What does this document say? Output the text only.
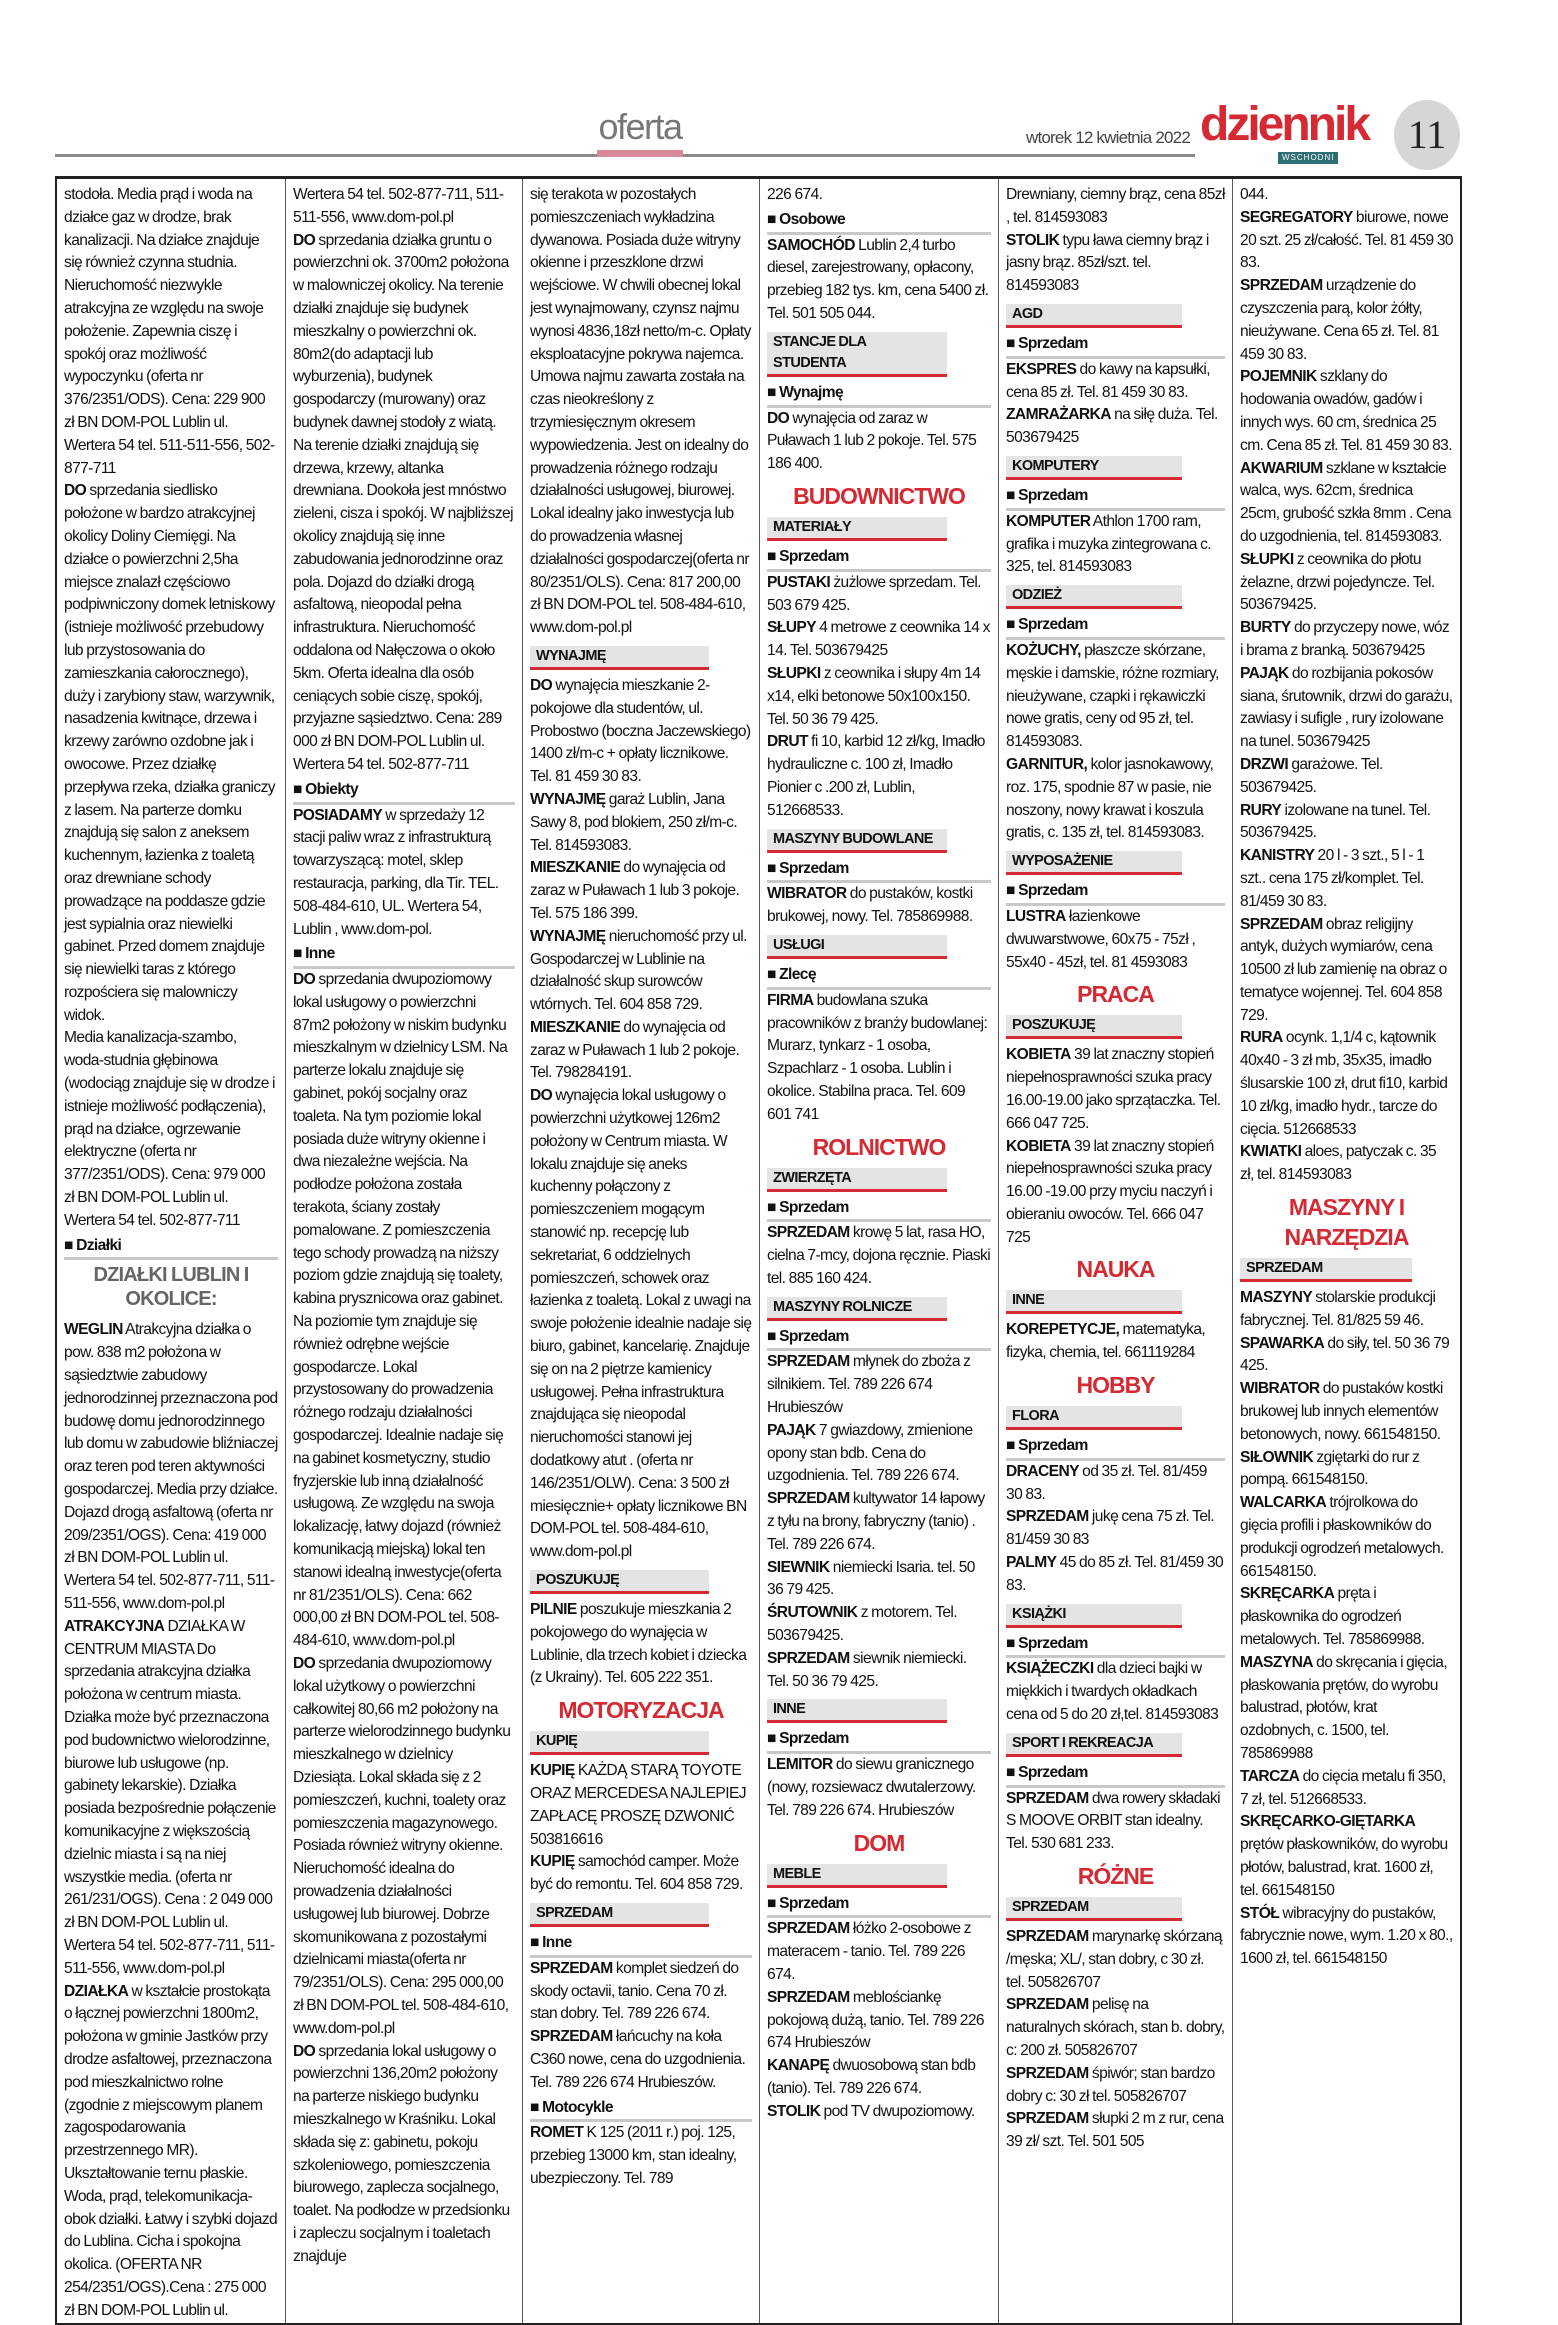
oferta	wtorek 12 kwietnia 2022 dziennik
WSCHODNI
11
stodoła. Media prąd i woda na działce gaz w drodze, brak kanalizacji. Na działce znajduje się również czynna studnia. Nieruchomość niezwykle atrakcyjna ze względu na swoje położenie. Zapewnia ciszę i spokój oraz możliwość wypoczynku (oferta nr 376/2351/ODS). Cena: 229 900 zł BN DOM-POL Lublin ul. Wertera 54 tel. 511-511-556, 502-877-711
DO sprzedania siedlisko położone w bardzo atrakcyjnej okolicy Doliny Ciemięgi. Na działce o powierzchni 2,5ha miejsce znalazł częściowo podpiwniczony domek letniskowy (istnieje możliwość przebudowy lub przystosowania do zamieszkania całorocznego), duży i zarybiony staw, warzywnik, nasadzenia kwitnące, drzewa i krzewy zarówno ozdobne jak i owocowe. Przez działkę przepływa rzeka, działka graniczy z lasem. Na parterze domku znajdują się salon z aneksem kuchennym, łazienka z toaletą oraz drewniane schody prowadzące na poddasze gdzie jest sypialnia oraz niewielki gabinet. Przed domem znajduje się niewielki taras z którego rozpościera się malowniczy widok.
Media kanalizacja-szambo, woda-studnia głębinowa (wodociąg znajduje się w drodze i istnieje możliwość podłączenia), prąd na działce, ogrzewanie elektryczne (oferta nr 377/2351/ODS). Cena: 979 000 zł BN DOM-POL Lublin ul. Wertera 54 tel. 502-877-711
■ Działki
DZIAŁKI LUBLIN I OKOLICE:
WEGLIN Atrakcyjna działka o pow. 838 m2 położona w sąsiedztwie zabudowy jednorodzinnej przeznaczona pod budowę domu jednorodzinnego lub domu w zabudowie bliźniaczej oraz teren pod teren aktywności gospodarczej. Media przy działce. Dojazd drogą asfaltową (oferta nr 209/2351/OGS). Cena: 419 000 zł BN DOM-POL Lublin ul. Wertera 54 tel. 502-877-711, 511-511-556, www.dom-pol.pl
ATRAKCYJNA DZIAŁKA W CENTRUM MIASTA Do sprzedania atrakcyjna działka położona w centrum miasta. Działka może być przeznaczona pod budownictwo wielorodzinne, biurowe lub usługowe (np. gabinety lekarskie). Działka posiada bezpośrednie połączenie komunikacyjne z większością dzielnic miasta i są na niej wszystkie media. (oferta nr 261/231/OGS). Cena : 2 049 000 zł BN DOM-POL Lublin ul. Wertera 54 tel. 502-877-711, 511-511-556, www.dom-pol.pl
DZIAŁKA w kształcie prostokąta o łącznej powierzchni 1800m2, położona w gminie Jastków przy drodze asfaltowej, przeznaczona pod mieszkalnictwo rolne (zgodnie z miejscowym planem zagospodarowania przestrzennego MR). Ukształtowanie ternu płaskie. Woda, prąd, telekomunikacja-obok działki. Łatwy i szybki dojazd do Lublina. Cicha i spokojna okolica. (OFERTA NR 254/2351/OGS).Cena : 275 000 zł BN DOM-POL Lublin ul.
Wertera 54 tel. 502-877-711, 511-511-556, www.dom-pol.pl
DO sprzedania działka gruntu o powierzchni ok. 3700m2 położona w malowniczej okolicy. Na terenie działki znajduje się budynek mieszkalny o powierzchni ok. 80m2(do adaptacji lub wyburzenia), budynek gospodarczy (murowany) oraz budynek dawnej stodoły z wiatą. Na terenie działki znajdują się drzewa, krzewy, altanka drewniana. Dookoła jest mnóstwo zieleni, cisza i spokój. W najbliższej okolicy znajdują się inne zabudowania jednorodzinne oraz pola. Dojazd do działki drogą asfaltową, nieopodal pełna infrastruktura. Nieruchomość oddalona od Nałęczowa o około 5km. Oferta idealna dla osób ceniących sobie ciszę, spokój, przyjazne sąsiedztwo. Cena: 289 000 zł BN DOM-POL Lublin ul. Wertera 54 tel. 502-877-711
■ Obiekty
POSIADAMY w sprzedaży 12 stacji paliw wraz z infrastrukturą towarzyszącą: motel, sklep restauracja, parking, dla Tir. TEL. 508-484-610, UL. Wertera 54, Lublin , www.dom-pol.
■ Inne
DO sprzedania dwupoziomowy lokal usługowy o powierzchni 87m2 położony w niskim budynku mieszkalnym w dzielnicy LSM. Na parterze lokalu znajduje się gabinet, pokój socjalny oraz toaleta. Na tym poziomie lokal posiada duże witryny okienne i dwa niezależne wejścia. Na podłodze położona została terakota, ściany zostały pomalowane. Z pomieszczenia tego schody prowadzą na niższy poziom gdzie znajdują się toalety, kabina prysznicowa oraz gabinet. Na poziomie tym znajduje się również odrębne wejście gospodarcze. Lokal przystosowany do prowadzenia różnego rodzaju działalności gospodarczej. Idealnie nadaje się na gabinet kosmetyczny, studio fryzjerskie lub inną działalność usługową. Ze względu na swoja lokalizację, łatwy dojazd (również komunikacją miejską) lokal ten stanowi idealną inwestycje(oferta nr 81/2351/OLS). Cena: 662 000,00 zł BN DOM-POL tel. 508-484-610, www.dom-pol.pl
DO sprzedania dwupoziomowy lokal użytkowy o powierzchni całkowitej 80,66 m2 położony na parterze wielorodzinnego budynku mieszkalnego w dzielnicy Dziesiąta. Lokal składa się z 2 pomieszczeń, kuchni, toalety oraz pomieszczenia magazynowego. Posiada również witryny okienne. Nieruchomość idealna do prowadzenia działalności usługowej lub biurowej. Dobrze skomunikowana z pozostałymi dzielnicami miasta(oferta nr 79/2351/OLS). Cena: 295 000,00 zł BN DOM-POL tel. 508-484-610, www.dom-pol.pl
DO sprzedania lokal usługowy o powierzchni 136,20m2 położony na parterze niskiego budynku mieszkalnego w Kraśniku. Lokal składa się z: gabinetu, pokoju szkoleniowego, pomieszczenia biurowego, zaplecza socjalnego, toalet. Na podłodze w przedsionku i zapleczu socjalnym i toaletach znajduje
się terakota w pozostałych pomieszczeniach wykładzina dywanowa. Posiada duże witryny okienne i przeszklone drzwi wejściowe. W chwili obecnej lokal jest wynajmowany, czynsz najmu wynosi 4836,18zł netto/m-c. Opłaty eksploatacyjne pokrywa najemca. Umowa najmu zawarta została na czas nieokreślony z trzymiesięcznym okresem wypowiedzenia. Jest on idealny do prowadzenia różnego rodzaju działalności usługowej, biurowej. Lokal idealny jako inwestycja lub do prowadzenia własnej działalności gospodarczej(oferta nr 80/2351/OLS). Cena: 817 200,00 zł BN DOM-POL tel. 508-484-610, www.dom-pol.pl
WYNAJMĘ
DO wynajęcia mieszkanie 2-pokojowe dla studentów, ul. Probostwo (boczna Jaczewskiego) 1400 zł/m-c + opłaty licznikowe. Tel. 81 459 30 83.
WYNAJMĘ garaż Lublin, Jana Sawy 8, pod blokiem, 250 zł/m-c. Tel. 814593083.
MIESZKANIE do wynajęcia od zaraz w Puławach 1 lub 3 pokoje. Tel. 575 186 399.
WYNAJMĘ nieruchomość przy ul. Gospodarczej w Lublinie na działalność skup surowców wtórnych. Tel. 604 858 729.
MIESZKANIE do wynajęcia od zaraz w Puławach 1 lub 2 pokoje. Tel. 798284191.
DO wynajęcia lokal usługowy o powierzchni użytkowej 126m2 położony w Centrum miasta. W lokalu znajduje się aneks kuchenny połączony z pomieszczeniem mogącym stanowić np. recepcję lub sekretariat, 6 oddzielnych pomieszczeń, schowek oraz łazienka z toaletą. Lokal z uwagi na swoje położenie idealnie nadaje się biuro, gabinet, kancelarię. Znajduje się on na 2 piętrze kamienicy usługowej. Pełna infrastruktura znajdująca się nieopodal nieruchomości stanowi jej dodatkowy atut . (oferta nr 146/2351/OLW). Cena: 3 500 zł miesięcznie+ opłaty licznikowe BN DOM-POL tel. 508-484-610, www.dom-pol.pl
POSZUKUJĘ
PILNIE poszukuje mieszkania 2 pokojowego do wynajęcia w Lublinie, dla trzech kobiet i dziecka (z Ukrainy). Tel. 605 222 351.
MOTORYZACJA
KUPIĘ
KUPIĘ KAŻDĄ STARĄ TOYOTE ORAZ MERCEDESA NAJLEPIEJ ZAPŁACĘ PROSZĘ DZWONIĆ 503816616
KUPIĘ samochód camper. Może być do remontu. Tel. 604 858 729.
SPRZEDAM
■ Inne
SPRZEDAM komplet siedzeń do skody octavii, tanio. Cena 70 zł. stan dobry. Tel. 789 226 674.
SPRZEDAM łańcuchy na koła C360 nowe, cena do uzgodnienia. Tel. 789 226 674 Hrubieszów.
■ Motocykle
ROMET K 125 (2011 r.) poj. 125, przebieg 13000 km, stan idealny, ubezpieczony. Tel. 789
226 674.
■ Osobowe
SAMOCHÓD Lublin 2,4 turbo diesel, zarejestrowany, opłacony, przebieg 182 tys. km, cena 5400 zł. Tel. 501 505 044.
STANCJE DLA STUDENTA
■ Wynajmę
DO wynajęcia od zaraz w Puławach 1 lub 2 pokoje. Tel. 575 186 400.
BUDOWNICTWO
MATERIAŁY
■ Sprzedam
PUSTAKI żużlowe sprzedam. Tel. 503 679 425.
SŁUPY 4 metrowe z ceownika 14 x 14. Tel. 503679425
SŁUPKI z ceownika i słupy 4m 14 x14, elki betonowe 50x100x150. Tel. 50 36 79 425.
DRUT fi 10, karbid 12 zł/kg, Imadło hydrauliczne c. 100 zł, Imadło Pionier c .200 zł, Lublin, 512668533.
MASZYNY BUDOWLANE
■ Sprzedam
WIBRATOR do pustaków, kostki brukowej, nowy. Tel. 785869988.
USŁUGI
■ Zlecę
FIRMA budowlana szuka pracowników z branży budowlanej: Murarz, tynkarz - 1 osoba, Szpachlarz - 1 osoba. Lublin i okolice. Stabilna praca. Tel. 609 601 741
ROLNICTWO
ZWIERZĘTA
■ Sprzedam
SPRZEDAM krowę 5 lat, rasa HO, cielna 7-mcy, dojona ręcznie. Piaski tel. 885 160 424.
MASZYNY ROLNICZE
■ Sprzedam
SPRZEDAM młynek do zboża z silnikiem. Tel. 789 226 674 Hrubieszów
PAJĄK 7 gwiazdowy, zmienione opony stan bdb. Cena do uzgodnienia. Tel. 789 226 674.
SPRZEDAM kultywator 14 łapowy z tyłu na brony, fabryczny (tanio) . Tel. 789 226 674.
SIEWNIK niemiecki Isaria. tel. 50 36 79 425.
ŚRUTOWNIK z motorem. Tel. 503679425.
SPRZEDAM siewnik niemiecki. Tel. 50 36 79 425.
INNE
■ Sprzedam
LEMITOR do siewu granicznego (nowy, rozsiewacz dwutalerzowy. Tel. 789 226 674. Hrubieszów
DOM
MEBLE
■ Sprzedam
SPRZEDAM łóżko 2-osobowe z materacem - tanio. Tel. 789 226 674.
SPRZEDAM meblościankę pokojową dużą, tanio. Tel. 789 226 674 Hrubieszów
KANAPĘ dwuosobową stan bdb (tanio). Tel. 789 226 674.
STOLIK pod TV dwupoziomowy.
Drewniany, ciemny brąz, cena 85zł , tel. 814593083
STOLIK typu ława ciemny brąz i jasny brąz. 85zł/szt. tel. 814593083
AGD
■ Sprzedam
EKSPRES do kawy na kapsułki, cena 85 zł. Tel. 81 459 30 83.
ZAMRAŻARKA na siłę duża. Tel. 503679425
KOMPUTERY
■ Sprzedam
KOMPUTER Athlon 1700 ram, grafika i muzyka zintegrowana c. 325, tel. 814593083
ODZIEŻ
■ Sprzedam
KOŻUCHY, płaszcze skórzane, męskie i damskie, różne rozmiary, nieużywane, czapki i rękawiczki nowe gratis, ceny od 95 zł, tel. 814593083.
GARNITUR, kolor jasnokawowy, roz. 175, spodnie 87 w pasie, nie noszony, nowy krawat i koszula gratis, c. 135 zł, tel. 814593083.
WYPOSAŻENIE
■ Sprzedam
LUSTRA łazienkowe dwuwarstwowe, 60x75 - 75zł , 55x40 - 45zł, tel. 81 4593083
PRACA
POSZUKUJĘ
KOBIETA 39 lat znaczny stopień niepełnosprawności szuka pracy 16.00-19.00 jako sprzątaczka. Tel. 666 047 725.
KOBIETA 39 lat znaczny stopień niepełnosprawności szuka pracy 16.00 -19.00 przy myciu naczyń i obieraniu owoców. Tel. 666 047 725
NAUKA
INNE
KOREPETYCJE, matematyka, fizyka, chemia, tel. 661119284
HOBBY
FLORA
■ Sprzedam
DRACENY od 35 zł. Tel. 81/459 30 83.
SPRZEDAM jukę cena 75 zł. Tel. 81/459 30 83
PALMY 45 do 85 zł. Tel. 81/459 30 83.
KSIĄŻKI
■ Sprzedam
KSIĄŻECZKI dla dzieci bajki w miękkich i twardych okładkach cena od 5 do 20 zł,tel. 814593083
SPORT I REKREACJA
■ Sprzedam
SPRZEDAM dwa rowery składaki S MOOVE ORBIT stan idealny. Tel. 530 681 233.
RÓŻNE
SPRZEDAM
SPRZEDAM marynarkę skórzaną /męska; XL/, stan dobry, c 30 zł. tel. 505826707
SPRZEDAM pelisę na naturalnych skórach, stan b. dobry, c: 200 zł. 505826707
SPRZEDAM śpiwór; stan bardzo dobry c: 30 zł tel. 505826707
SPRZEDAM słupki 2 m z rur, cena 39 zł/ szt. Tel. 501 505
044.
SEGREGATORY biurowe, nowe 20 szt. 25 zł/całość. Tel. 81 459 30 83.
SPRZEDAM urządzenie do czyszczenia parą, kolor żółty, nieużywane. Cena 65 zł. Tel. 81 459 30 83.
POJEMNIK szklany do hodowania owadów, gadów i innych wys. 60 cm, średnica 25 cm. Cena 85 zł. Tel. 81 459 30 83.
AKWARIUM szklane w kształcie walca, wys. 62cm, średnica 25cm, grubość szkła 8mm . Cena do uzgodnienia, tel. 814593083.
SŁUPKI z ceownika do płotu żelazne, drzwi pojedyncze. Tel. 503679425.
BURTY do przyczepy nowe, wóz i brama z branką. 503679425
PAJĄK do rozbijania pokosów siana, śrutownik, drzwi do garażu, zawiasy i sufigle , rury izolowane na tunel. 503679425
DRZWI garażowe. Tel. 503679425.
RURY izolowane na tunel. Tel. 503679425.
KANISTRY 20 l - 3 szt., 5 l - 1 szt.. cena 175 zł/komplet. Tel. 81/459 30 83.
SPRZEDAM obraz religijny antyk, dużych wymiarów, cena 10500 zł lub zamienię na obraz o tematyce wojennej. Tel. 604 858 729.
RURA ocynk. 1,1/4 c, kątownik 40x40 - 3 zł mb, 35x35, imadło ślusarskie 100 zł, drut fi10, karbid 10 zł/kg, imadło hydr., tarcze do cięcia. 512668533
KWIATKI aloes, patyczak c. 35 zł, tel. 814593083
MASZYNY I NARZĘDZIA
SPRZEDAM
MASZYNY stolarskie produkcji fabrycznej. Tel. 81/825 59 46.
SPAWARKA do siły, tel. 50 36 79 425.
WIBRATOR do pustaków kostki brukowej lub innych elementów betonowych, nowy. 661548150.
SIŁOWNIK zgiętarki do rur z pompą. 661548150.
WALCARKA trójrolkowa do gięcia profili i płaskowników do produkcji ogrodzeń metalowych. 661548150.
SKRĘCARKA pręta i płaskownika do ogrodzeń metalowych. Tel. 785869988.
MASZYNA do skręcania i gięcia, płaskowania prętów, do wyrobu balustrad, płotów, krat ozdobnych, c. 1500, tel. 785869988
TARCZA do cięcia metalu fi 350, 7 zł, tel. 512668533.
SKRĘCARKO-GIĘTARKA prętów płaskowników, do wyrobu płotów, balustrad, krat. 1600 zł, tel. 661548150
STÓŁ wibracyjny do pustaków, fabrycznie nowe, wym. 1.20 x 80., 1600 zł, tel. 661548150
